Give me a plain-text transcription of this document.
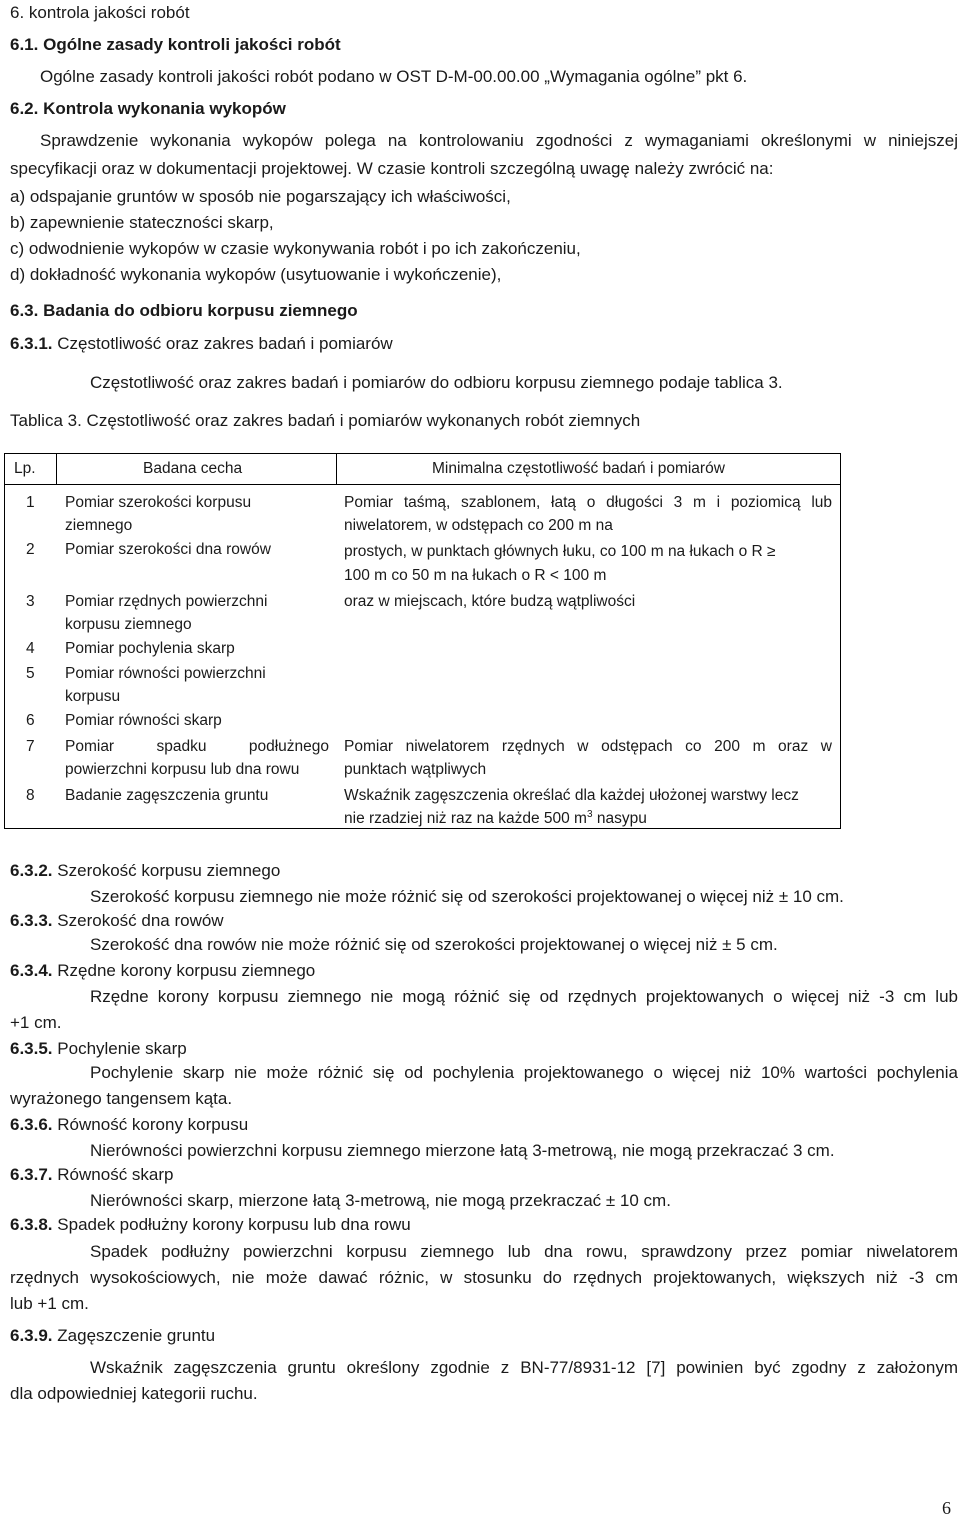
6. kontrola jakości robót
6.1. Ogólne zasady kontroli jakości robót
Ogólne zasady kontroli jakości robót podano w OST D-M-00.00.00 „Wymagania ogólne” pkt 6.
6.2. Kontrola wykonania wykopów
Sprawdzenie wykonania wykopów polega na kontrolowaniu zgodności z wymaganiami określonymi w niniejszej
specyfikacji oraz w dokumentacji projektowej. W czasie kontroli szczególną uwagę należy zwrócić na:
a) odspajanie gruntów w sposób nie pogarszający ich właściwości,
b) zapewnienie stateczności skarp,
c) odwodnienie wykopów w czasie wykonywania robót i po ich zakończeniu,
d) dokładność wykonania wykopów (usytuowanie i wykończenie),
6.3. Badania do odbioru korpusu ziemnego
6.3.1. Częstotliwość oraz zakres badań i pomiarów
Częstotliwość oraz zakres badań i pomiarów do odbioru korpusu ziemnego podaje tablica 3.
Tablica 3. Częstotliwość oraz zakres badań i pomiarów wykonanych robót ziemnych
Lp.	Badana cecha	Minimalna częstotliwość badań i pomiarów
1 Pomiar szerokości korpusu
ziemnego
2 Pomiar szerokości dna rowów
3 Pomiar rzędnych powierzchni
korpusu ziemnego
4 Pomiar pochylenia skarp
5 Pomiar równości powierzchni
korpusu
6 Pomiar równości skarp
7 Pomiar spadku podłużnego
powierzchni korpusu lub dna rowu
8 Badanie zagęszczenia gruntu
Pomiar taśmą, szablonem, łatą o długości 3 m i poziomicą lub
niwelatorem, w odstępach co 200 m na
prostych, w punktach głównych łuku, co 100 m na łukach o R ≥
100 m co 50 m na łukach o R < 100 m
oraz w miejscach, które budzą wątpliwości
Pomiar niwelatorem rzędnych w odstępach co 200 m oraz w
punktach wątpliwych
Wskaźnik zagęszczenia określać dla każdej ułożonej warstwy lecz
nie rzadziej niż raz na każde 500 $m^3$ nasypu
6.3.2. Szerokość korpusu ziemnego
Szerokość korpusu ziemnego nie może różnić się od szerokości projektowanej o więcej niż ± 10 cm.
6.3.3. Szerokość dna rowów
Szerokość dna rowów nie może różnić się od szerokości projektowanej o więcej niż ± 5 cm.
6.3.4. Rzędne korony korpusu ziemnego
Rzędne korony korpusu ziemnego nie mogą różnić się od rzędnych projektowanych o więcej niż -3 cm lub
+1 cm.
6.3.5. Pochylenie skarp
Pochylenie skarp nie może różnić się od pochylenia projektowanego o więcej niż 10% wartości pochylenia
wyrażonego tangensem kąta.
6.3.6. Równość korony korpusu
Nierówności powierzchni korpusu ziemnego mierzone łatą 3-metrową, nie mogą przekraczać 3 cm.
6.3.7. Równość skarp
Nierówności skarp, mierzone łatą 3-metrową, nie mogą przekraczać ± 10 cm.
6.3.8. Spadek podłużny korony korpusu lub dna rowu
Spadek podłużny powierzchni korpusu ziemnego lub dna rowu, sprawdzony przez pomiar niwelatorem
rzędnych wysokościowych, nie może dawać różnic, w stosunku do rzędnych projektowanych, większych niż -3 cm
lub +1 cm.
6.3.9. Zagęszczenie gruntu
Wskaźnik zagęszczenia gruntu określony zgodnie z BN-77/8931-12 [7] powinien być zgodny z założonym
dla odpowiedniej kategorii ruchu.
6
